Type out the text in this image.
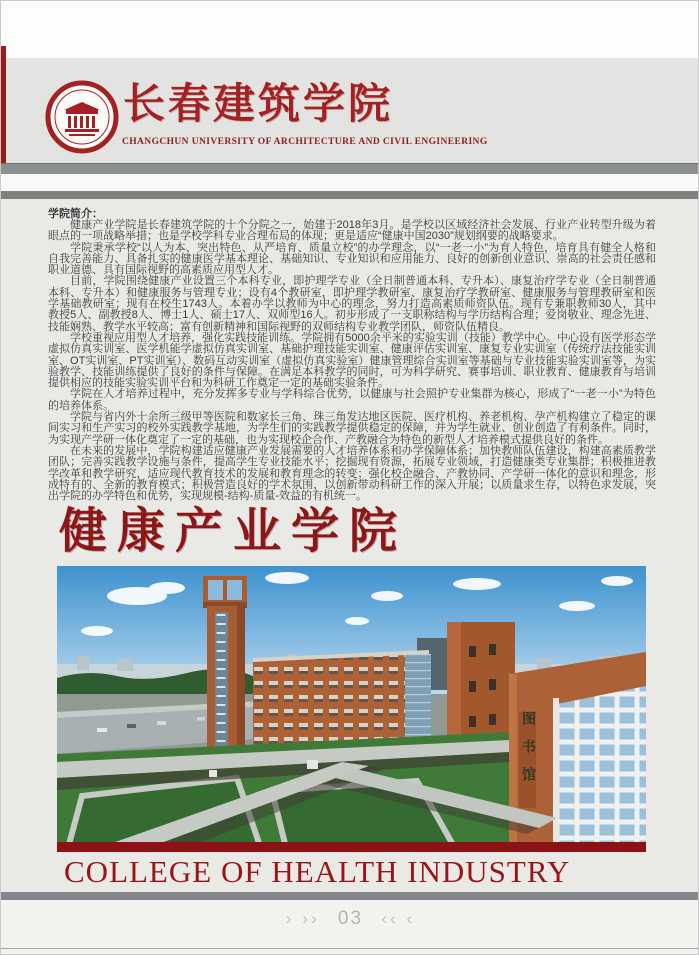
长春建筑学院
CHANGCHUN UNIVERSITY OF ARCHITECTURE AND CIVIL ENGINEERING
学院简介：

健康产业学院是长春建筑学院的十个分院之一，始建于2018年3月。是学校以区域经济社会发展、行业产业转型升级为着眼点的一项战略举措；也是学校学科专业合理布局的体现；更是适应“健康中国2030”规划纲要的战略要求。

学院秉承学校“以人为本、突出特色、从严培育、质量立校”的办学理念，以“一老一小”为育人特色，培育具有健全人格和自我完善能力、具备扎实的健康医学基本理论、基础知识、专业知识和应用能力、良好的创新创业意识、崇高的社会责任感和职业道德、具有国际视野的高素质应用型人才。

目前，学院围绕健康产业设置三个本科专业，即护理学专业（全日制普通本科、专升本）、康复治疗学专业（全日制普通本科、专升本）和健康服务与管理专业；设有4个教研室，即护理学教研室、康复治疗学教研室、健康服务与管理教研室和医学基础教研室；现有在校生1743人。本着办学以教师为中心的理念，努力打造高素质师资队伍。现有专兼职教师30人，其中教授5人、副教授8人、博士1人、硕士17人、双师型16人。初步形成了一支职称结构与学历结构合理；爱岗敬业、理念先进、技能娴熟、教学水平较高；富有创新精神和国际视野的双师结构专业教学团队，师资队伍精良。

学校重视应用型人才培养，强化实践技能训练。学院拥有5000余平米的实验实训（技能）教学中心。中心设有医学形态学虚拟仿真实训室、医学机能学虚拟仿真实训室、基础护理技能实训室、健康评估实训室、康复专业实训室（传统疗法技能实训室、OT实训室、PT实训室）、数码互动实训室（虚拟仿真实验室）健康管理综合实训室等基础与专业技能实验实训室等，为实验教学、技能训练提供了良好的条件与保障。在满足本科教学的同时，可为科学研究、赛事培训、职业教育、健康教育与培训提供相应的技能实验实训平台和为科研工作奠定一定的基础实验条件。

学院在人才培养过程中，充分发挥多专业与学科综合优势，以健康与社会照护专业集群为核心，形成了“一老一小”为特色的培养体系。

学院与省内外十余所三级甲等医院和数家长三角、珠三角发达地区医院、医疗机构、养老机构、孕产机构建立了稳定的课间实习和生产实习的校外实践教学基地，为学生们的实践教学提供稳定的保障，并为学生就业、创业创造了有利条件。同时，为实现产学研一体化奠定了一定的基础，也为实现校企合作、产教融合为特色的新型人才培养模式提供良好的条件。

在未来的发展中，学院构建适应健康产业发展需要的人才培养体系和办学保障体系；加快教师队伍建设，构建高素质教学团队；完善实践教学设施与条件，提高学生专业技能水平；挖掘现有资源，拓展专业领域，打造健康类专业集群；积极推进教学改革和教学研究，适应现代教育技术的发展和教育理念的转变；强化校企融合、产教协同、产学研一体化的意识和理念，形成特有的、全新的教育模式；积极营造良好的学术氛围，以创新带动科研工作的深入开展；以质量求生存，以特色求发展，突出学院的办学特色和优势，实现规模-结构-质量-效益的有机统一。

健康产业学院
图书馆
COLLEGE OF HEALTH INDUSTRY
› ›› 03 ‹‹ ‹
